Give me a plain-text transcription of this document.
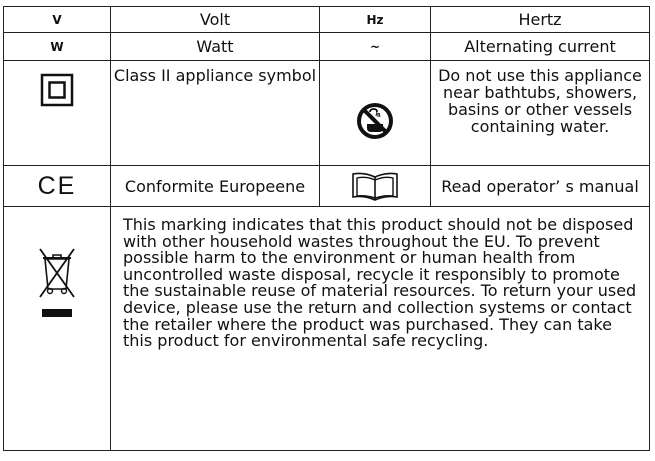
V	Volt	Hz	Hertz
W	Watt	~	Alternating current
	Class II appliance symbol		Do not use this appliance near bathtubs, showers, basins or other vessels containing water.
CE	Conformite Europeene		Read operator’ s manual
	This marking indicates that this product should not be disposed with other household wastes throughout the EU. To prevent possible harm to the environment or human health from uncontrolled waste disposal, recycle it responsibly to promote the sustainable reuse of material resources. To return your used device, please use the return and collection systems or contact the retailer where the product was purchased. They can take this product for environmental safe recycling.		
